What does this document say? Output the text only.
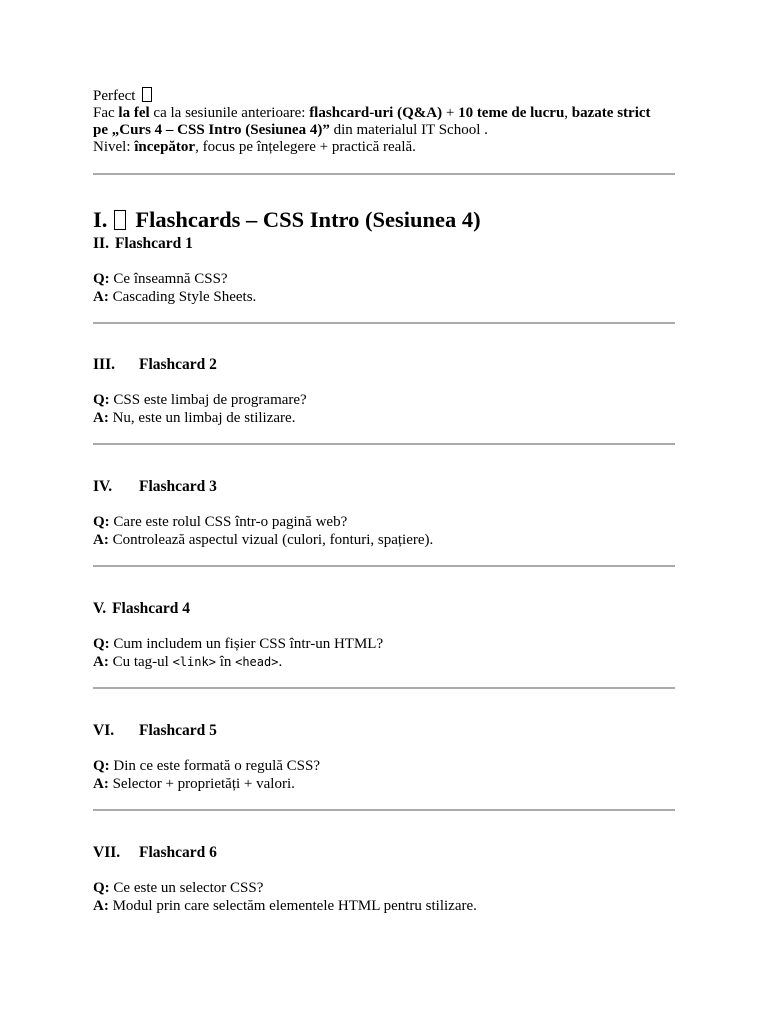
Perfect
Fac la fel ca la sesiunile anterioare: flashcard-uri (Q&A) + 10 teme de lucru, bazate strict
pe „Curs 4 – CSS Intro (Sesiunea 4)” din materialul IT School .
Nivel: începător, focus pe înțelegere + practică reală.
I. Flashcards – CSS Intro (Sesiunea 4)
II. Flashcard 1
Q: Ce înseamnă CSS?
A: Cascading Style Sheets.
III.	Flashcard 2
Q: CSS este limbaj de programare?
A: Nu, este un limbaj de stilizare.
IV.	Flashcard 3
Q: Care este rolul CSS într-o pagină web?
A: Controlează aspectul vizual (culori, fonturi, spațiere).
V. Flashcard 4
Q: Cum includem un fișier CSS într-un HTML?
A: Cu tag-ul <link> în <head>.
VI.	Flashcard 5
Q: Din ce este formată o regulă CSS?
A: Selector + proprietăți + valori.
VII.	Flashcard 6
Q: Ce este un selector CSS?
A: Modul prin care selectăm elementele HTML pentru stilizare.
